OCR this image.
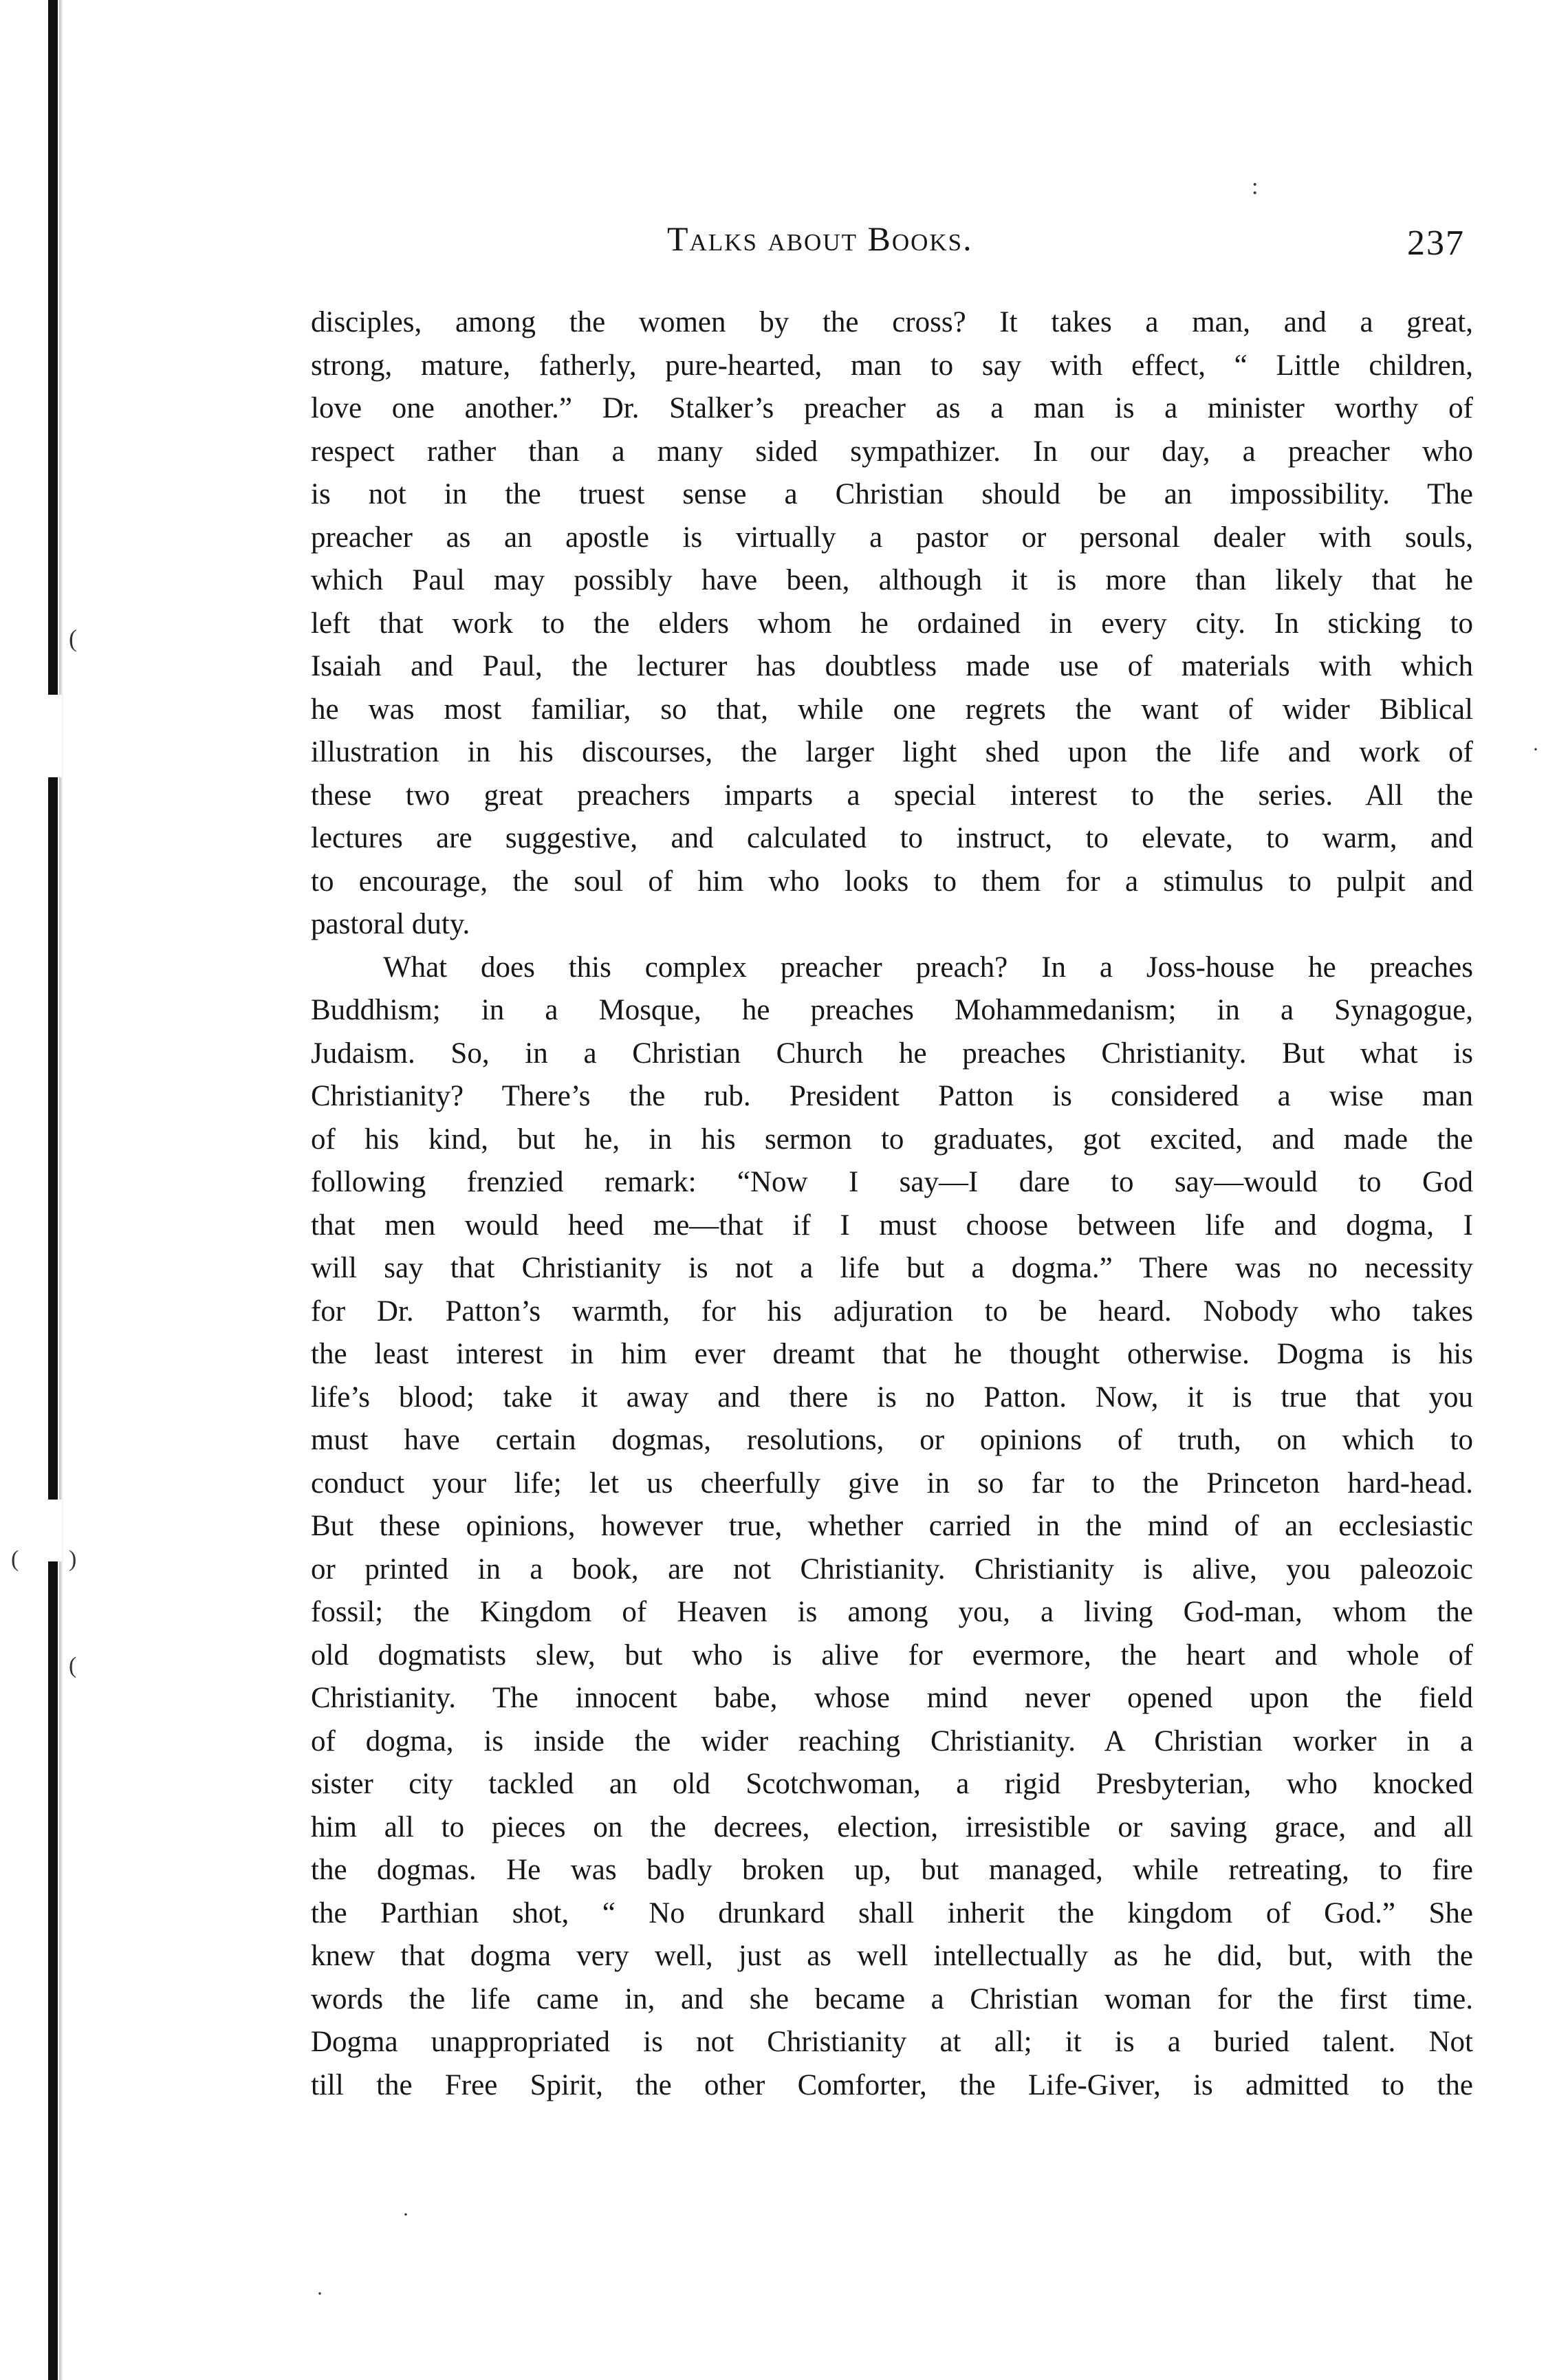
:
·
(
)
(
(
·
·
Talks about Books.	237
disciples, among the women by the cross? It takes a man, and a great,
strong, mature, fatherly, pure-hearted, man to say with effect, “ Little children,
love one another.” Dr. Stalker’s preacher as a man is a minister worthy of
respect rather than a many sided sympathizer. In our day, a preacher who
is not in the truest sense a Christian should be an impossibility. The
preacher as an apostle is virtually a pastor or personal dealer with souls,
which Paul may possibly have been, although it is more than likely that he
left that work to the elders whom he ordained in every city. In sticking to
Isaiah and Paul, the lecturer has doubtless made use of materials with which
he was most familiar, so that, while one regrets the want of wider Biblical
illustration in his discourses, the larger light shed upon the life and work of
these two great preachers imparts a special interest to the series. All the
lectures are suggestive, and calculated to instruct, to elevate, to warm, and
to encourage, the soul of him who looks to them for a stimulus to pulpit and
pastoral duty.
What does this complex preacher preach? In a Joss-house he preaches
Buddhism; in a Mosque, he preaches Mohammedanism; in a Synagogue,
Judaism. So, in a Christian Church he preaches Christianity. But what is
Christianity? There’s the rub. President Patton is considered a wise man
of his kind, but he, in his sermon to graduates, got excited, and made the
following frenzied remark: “Now I say—I dare to say—would to God
that men would heed me—that if I must choose between life and dogma, I
will say that Christianity is not a life but a dogma.” There was no necessity
for Dr. Patton’s warmth, for his adjuration to be heard. Nobody who takes
the least interest in him ever dreamt that he thought otherwise. Dogma is his
life’s blood; take it away and there is no Patton. Now, it is true that you
must have certain dogmas, resolutions, or opinions of truth, on which to
conduct your life; let us cheerfully give in so far to the Princeton hard-head.
But these opinions, however true, whether carried in the mind of an ecclesiastic
or printed in a book, are not Christianity. Christianity is alive, you paleozoic
fossil; the Kingdom of Heaven is among you, a living God-man, whom the
old dogmatists slew, but who is alive for evermore, the heart and whole of
Christianity. The innocent babe, whose mind never opened upon the field
of dogma, is inside the wider reaching Christianity. A Christian worker in a
sister city tackled an old Scotchwoman, a rigid Presbyterian, who knocked
him all to pieces on the decrees, election, irresistible or saving grace, and all
the dogmas. He was badly broken up, but managed, while retreating, to fire
the Parthian shot, “ No drunkard shall inherit the kingdom of God.” She
knew that dogma very well, just as well intellectually as he did, but, with the
words the life came in, and she became a Christian woman for the first time.
Dogma unappropriated is not Christianity at all; it is a buried talent. Not
till the Free Spirit, the other Comforter, the Life-Giver, is admitted to the
